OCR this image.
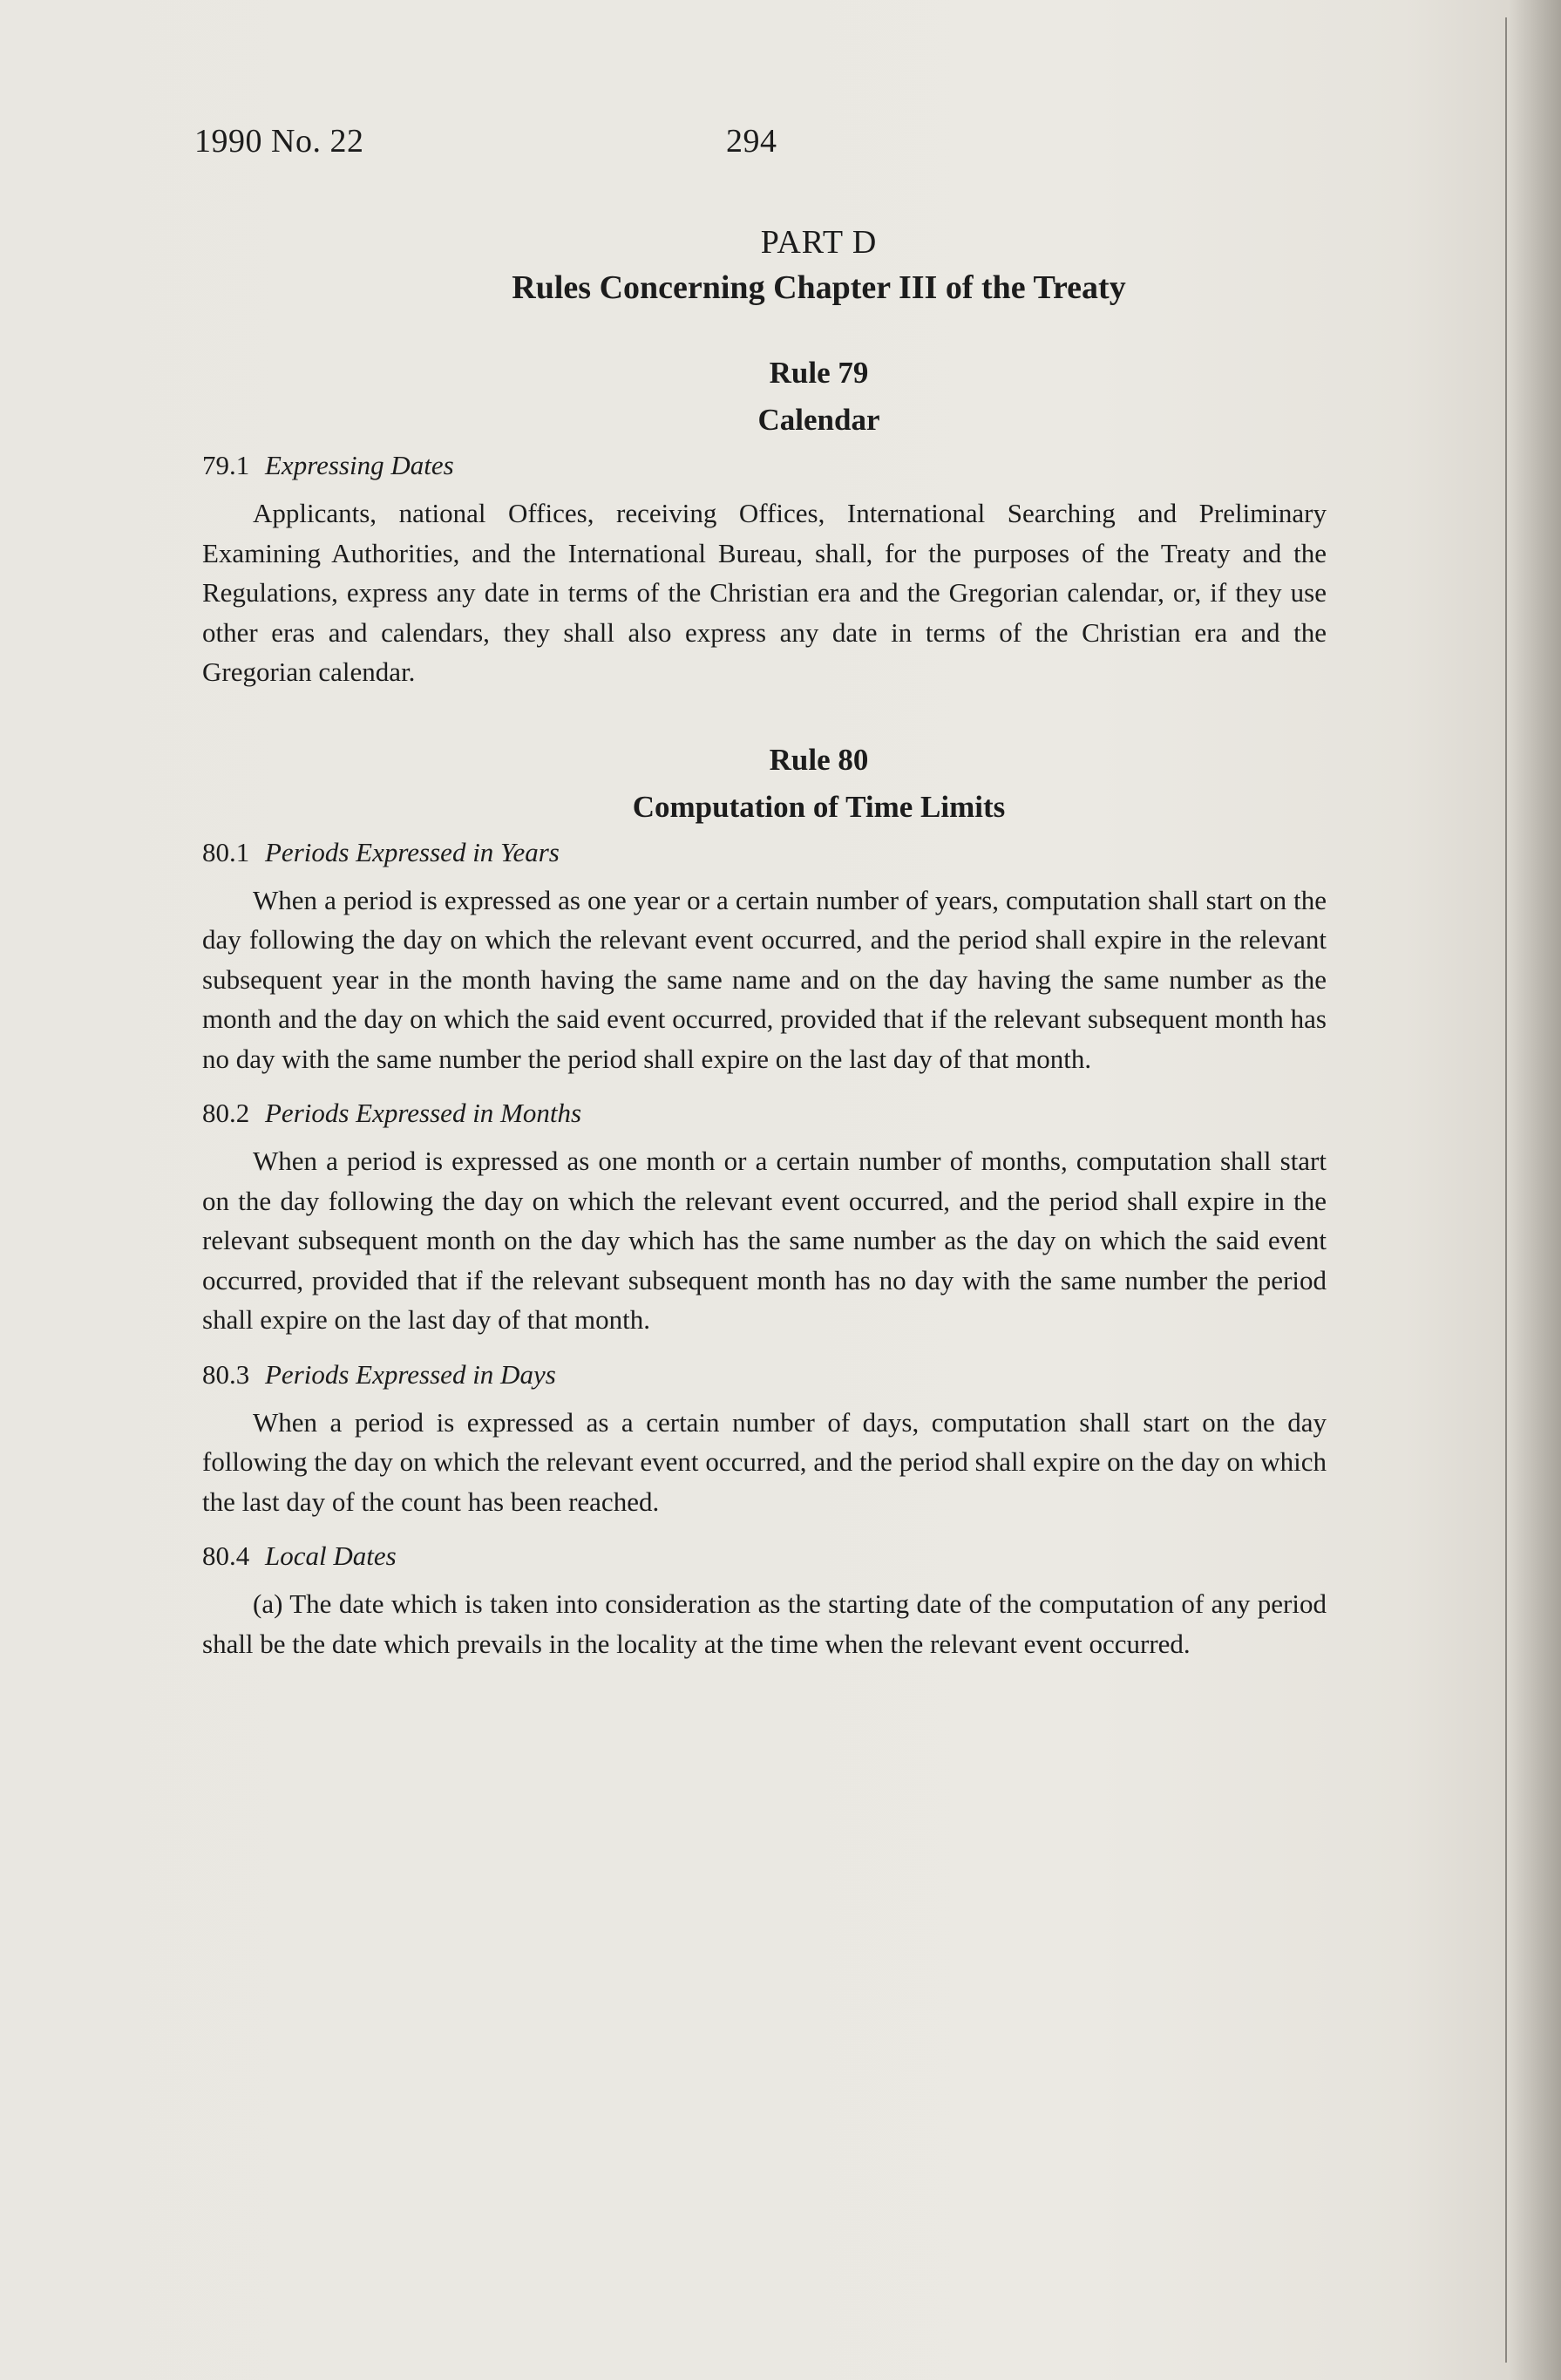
1990 No. 22	294
PART D
Rules Concerning Chapter III of the Treaty
Rule 79
Calendar
79.1 Expressing Dates

Applicants, national Offices, receiving Offices, International Searching and Preliminary Examining Authorities, and the International Bureau, shall, for the purposes of the Treaty and the Regulations, express any date in terms of the Christian era and the Gregorian calendar, or, if they use other eras and calendars, they shall also express any date in terms of the Christian era and the Gregorian calendar.

Rule 80
Computation of Time Limits
80.1 Periods Expressed in Years

When a period is expressed as one year or a certain number of years, computation shall start on the day following the day on which the relevant event occurred, and the period shall expire in the relevant subsequent year in the month having the same name and on the day having the same number as the month and the day on which the said event occurred, provided that if the relevant subsequent month has no day with the same number the period shall expire on the last day of that month.

80.2 Periods Expressed in Months

When a period is expressed as one month or a certain number of months, computation shall start on the day following the day on which the relevant event occurred, and the period shall expire in the relevant subsequent month on the day which has the same number as the day on which the said event occurred, provided that if the relevant subsequent month has no day with the same number the period shall expire on the last day of that month.

80.3 Periods Expressed in Days

When a period is expressed as a certain number of days, computation shall start on the day following the day on which the relevant event occurred, and the period shall expire on the day on which the last day of the count has been reached.

80.4 Local Dates

(a) The date which is taken into consideration as the starting date of the computation of any period shall be the date which prevails in the locality at the time when the relevant event occurred.
